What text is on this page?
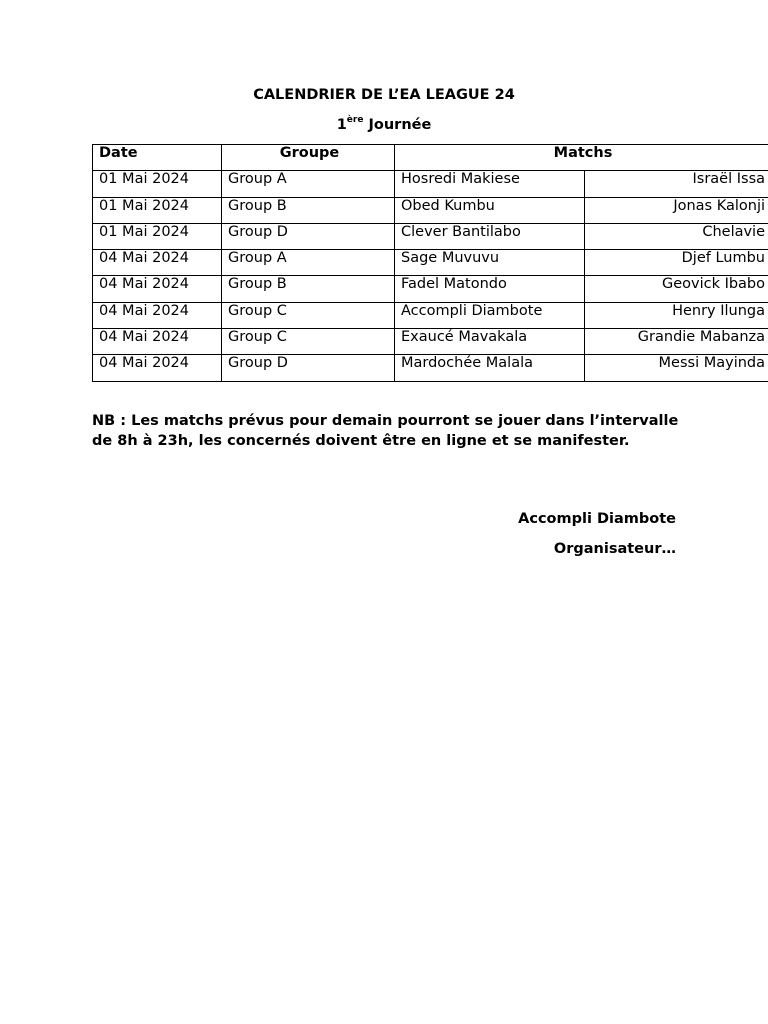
CALENDRIER DE L’EA LEAGUE 24
1ère Journée
Date	Groupe	Matchs	
01 Mai 2024	Group A	Hosredi Makiese	Israël Issa
01 Mai 2024	Group B	Obed Kumbu	Jonas Kalonji
01 Mai 2024	Group D	Clever Bantilabo	Chelavie
04 Mai 2024	Group A	Sage Muvuvu	Djef Lumbu
04 Mai 2024	Group B	Fadel Matondo	Geovick Ibabo
04 Mai 2024	Group C	Accompli Diambote	Henry Ilunga
04 Mai 2024	Group C	Exaucé Mavakala	Grandie Mabanza
04 Mai 2024	Group D	Mardochée Malala	Messi Mayinda
NB : Les matchs prévus pour demain pourront se jouer dans l’intervalle de 8h à 23h, les concernés doivent être en ligne et se manifester.
Accompli Diambote
Organisateur…
